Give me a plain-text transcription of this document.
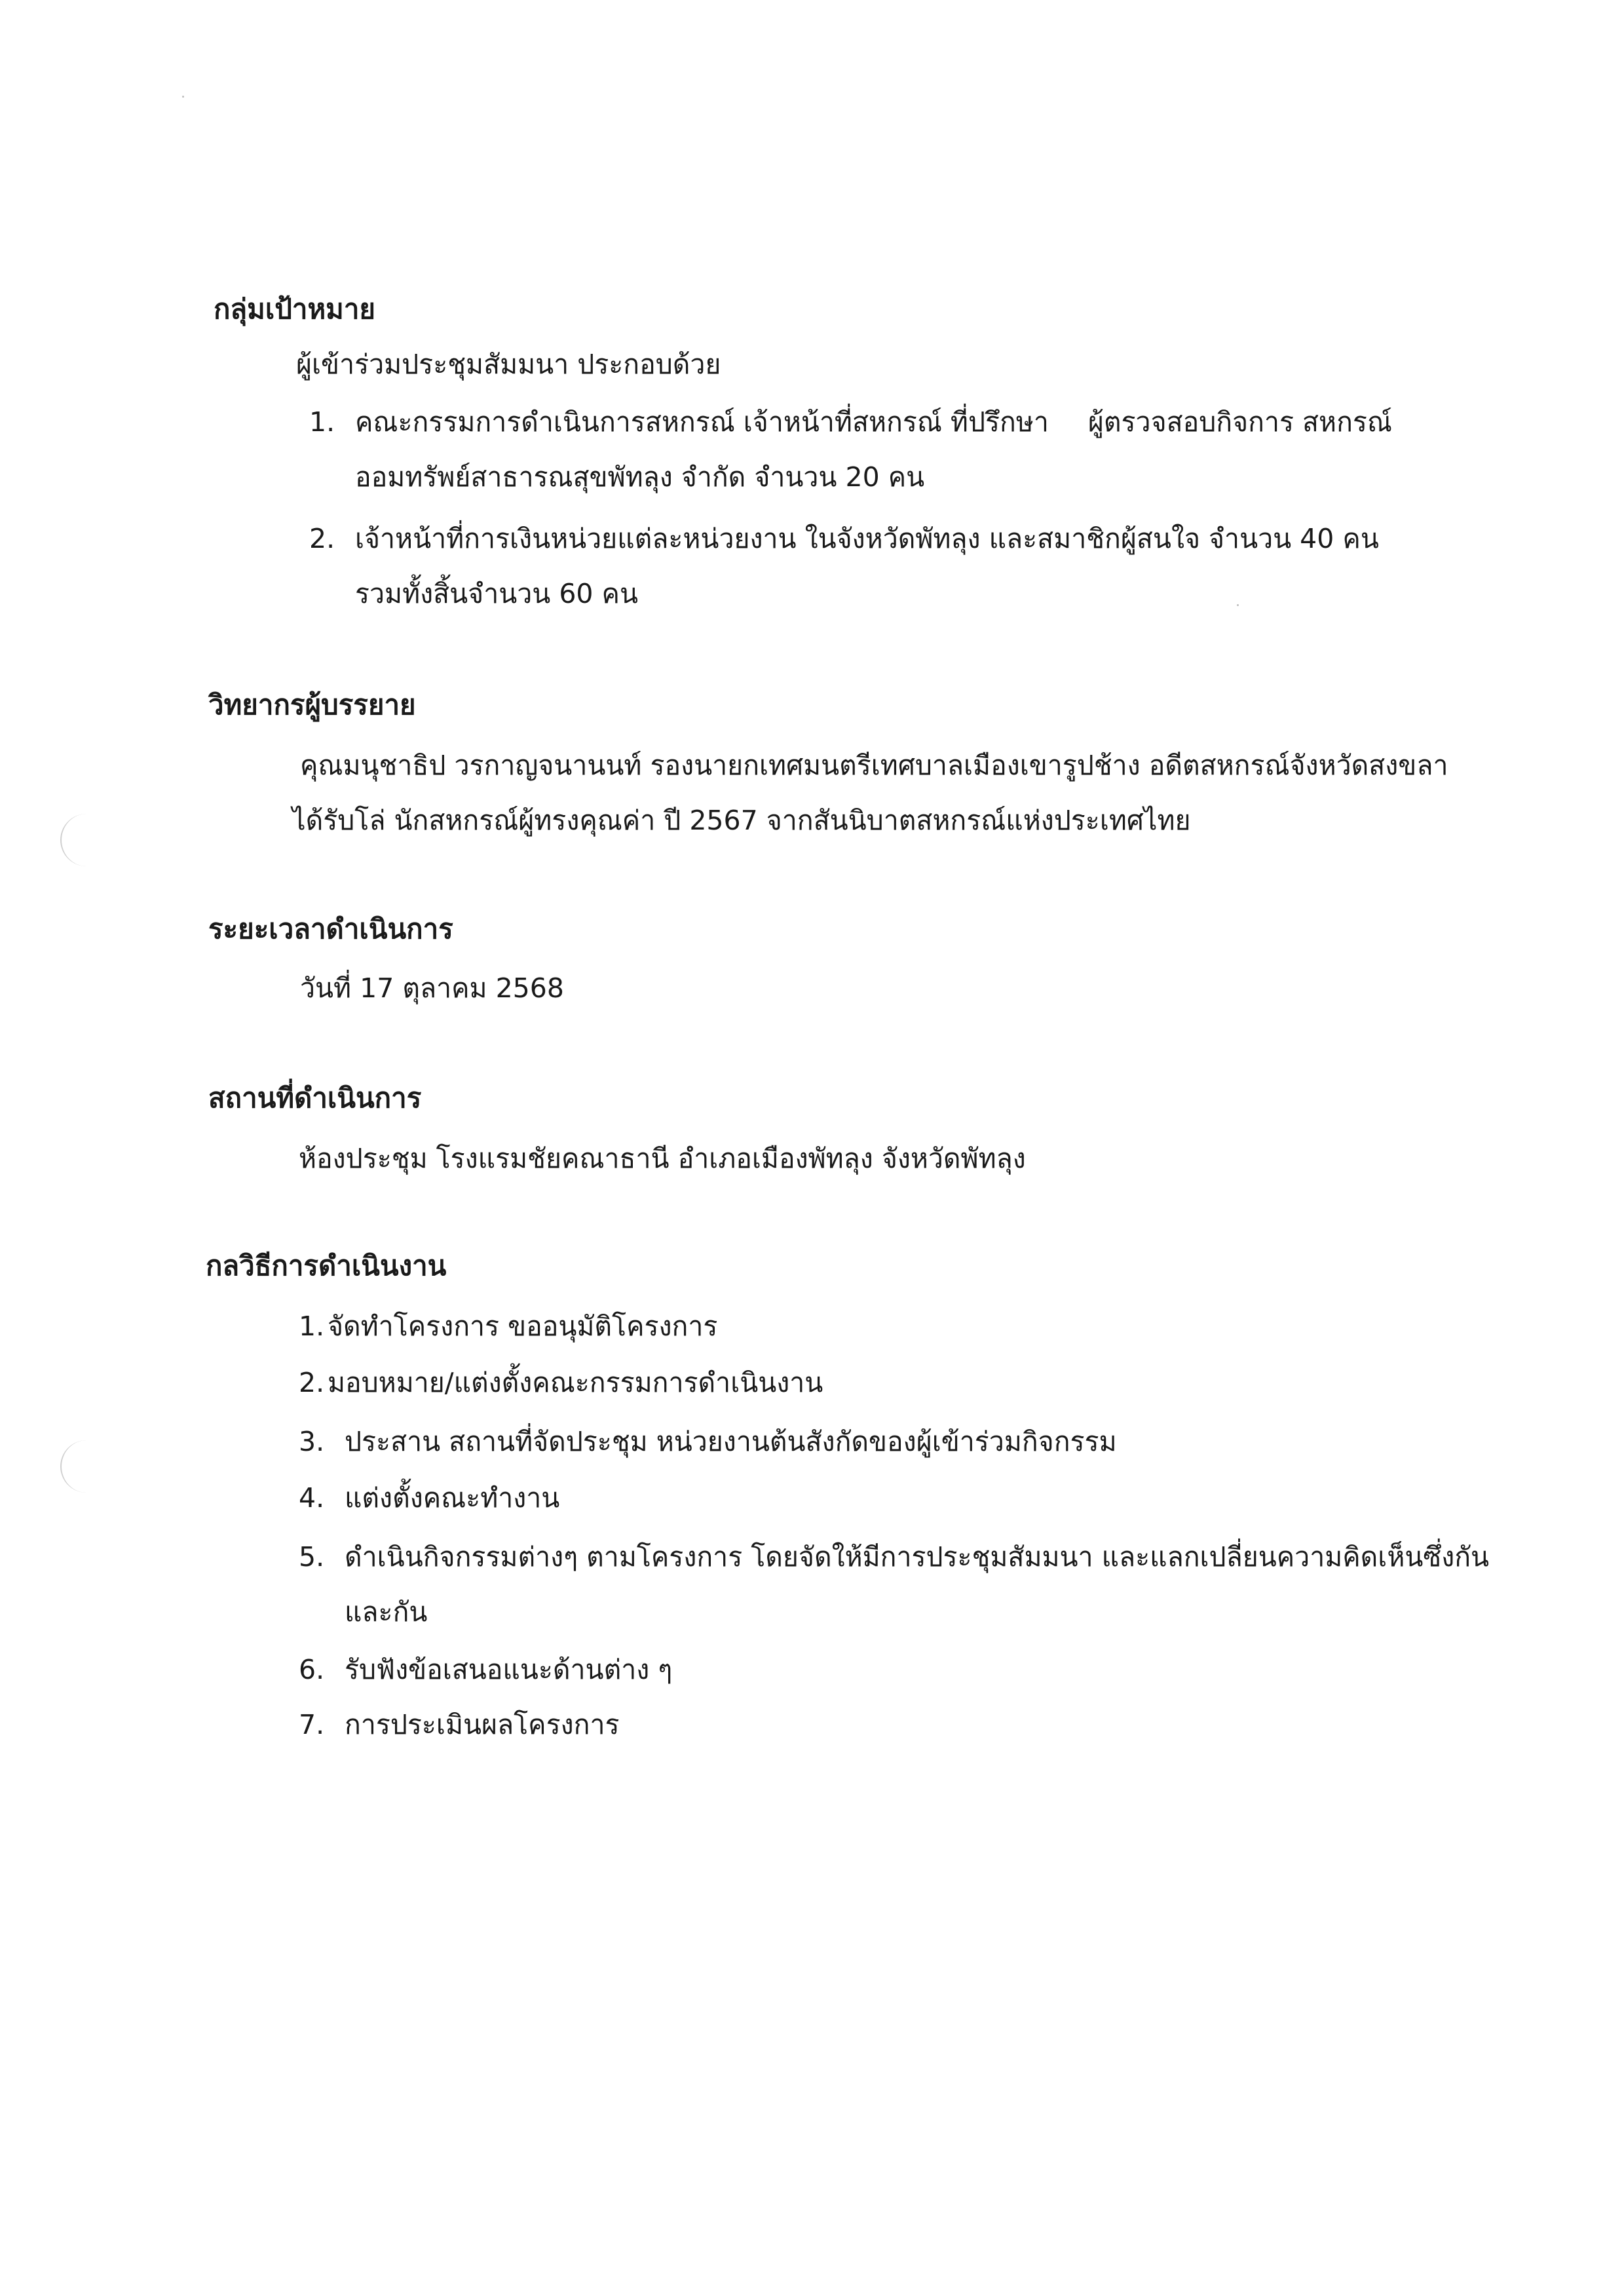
กลุ่มเป้าหมาย
ผู้เข้าร่วมประชุมสัมมนา ประกอบด้วย
1. คณะกรรมการดำเนินการสหกรณ์ เจ้าหน้าที่สหกรณ์ ที่ปรึกษา ผู้ตรวจสอบกิจการ สหกรณ์
ออมทรัพย์สาธารณสุขพัทลุง จำกัด จำนวน 20 คน
2. เจ้าหน้าที่การเงินหน่วยแต่ละหน่วยงาน ในจังหวัดพัทลุง และสมาชิกผู้สนใจ จำนวน 40 คน
รวมทั้งสิ้นจำนวน 60 คน
วิทยากรผู้บรรยาย
คุณมนุชาธิป วรกาญจนานนท์ รองนายกเทศมนตรีเทศบาลเมืองเขารูปช้าง อดีตสหกรณ์จังหวัดสงขลา
ได้รับโล่ นักสหกรณ์ผู้ทรงคุณค่า ปี 2567 จากสันนิบาตสหกรณ์แห่งประเทศไทย
ระยะเวลาดำเนินการ
วันที่ 17 ตุลาคม 2568
สถานที่ดำเนินการ
ห้องประชุม โรงแรมชัยคณาธานี อำเภอเมืองพัทลุง จังหวัดพัทลุง
กลวิธีการดำเนินงาน
1. จัดทำโครงการ ขออนุมัติโครงการ
2. มอบหมาย/แต่งตั้งคณะกรรมการดำเนินงาน
3. ประสาน สถานที่จัดประชุม หน่วยงานต้นสังกัดของผู้เข้าร่วมกิจกรรม
4. แต่งตั้งคณะทำงาน
5. ดำเนินกิจกรรมต่างๆ ตามโครงการ โดยจัดให้มีการประชุมสัมมนา และแลกเปลี่ยนความคิดเห็นซึ่งกัน
และกัน
6. รับฟังข้อเสนอแนะด้านต่าง ๆ
7. การประเมินผลโครงการ
